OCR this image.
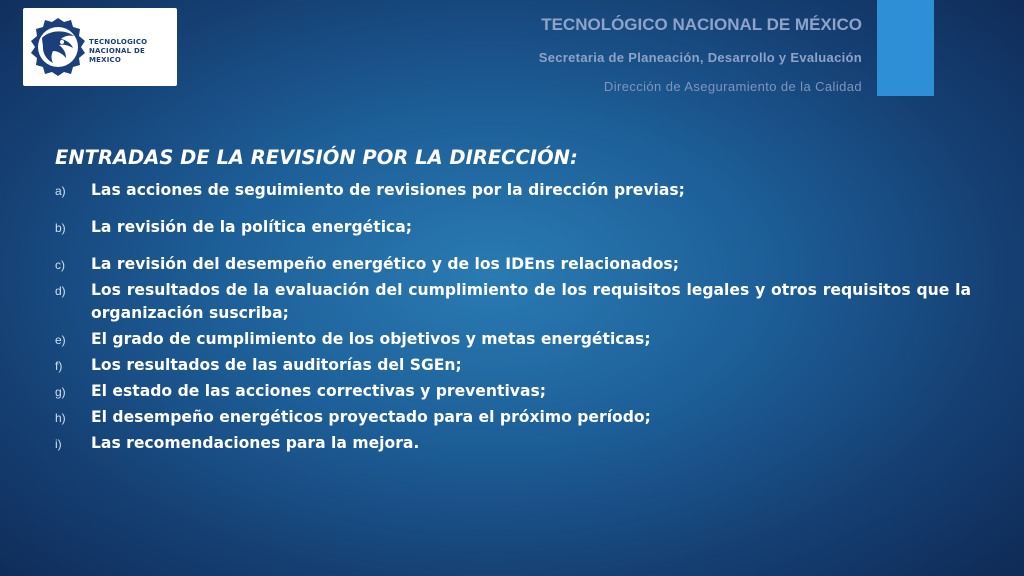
TECNOLOGICO
NACIONAL DE MEXICO
TECNOLÓGICO NACIONAL DE MÉXICO
Secretaria de Planeación, Desarrollo y Evaluación
Dirección de Aseguramiento de la Calidad
ENTRADAS DE LA REVISIÓN POR LA DIRECCIÓN:
a) Las acciones de seguimiento de revisiones por la dirección previas;
b) La revisión de la política energética;
c) La revisión del desempeño energético y de los IDEns relacionados;
d) Los resultados de la evaluación del cumplimiento de los requisitos legales y otros requisitos que la organización suscriba;
e) El grado de cumplimiento de los objetivos y metas energéticas;
f) Los resultados de las auditorías del SGEn;
g) El estado de las acciones correctivas y preventivas;
h) El desempeño energéticos proyectado para el próximo período;
i) Las recomendaciones para la mejora.
